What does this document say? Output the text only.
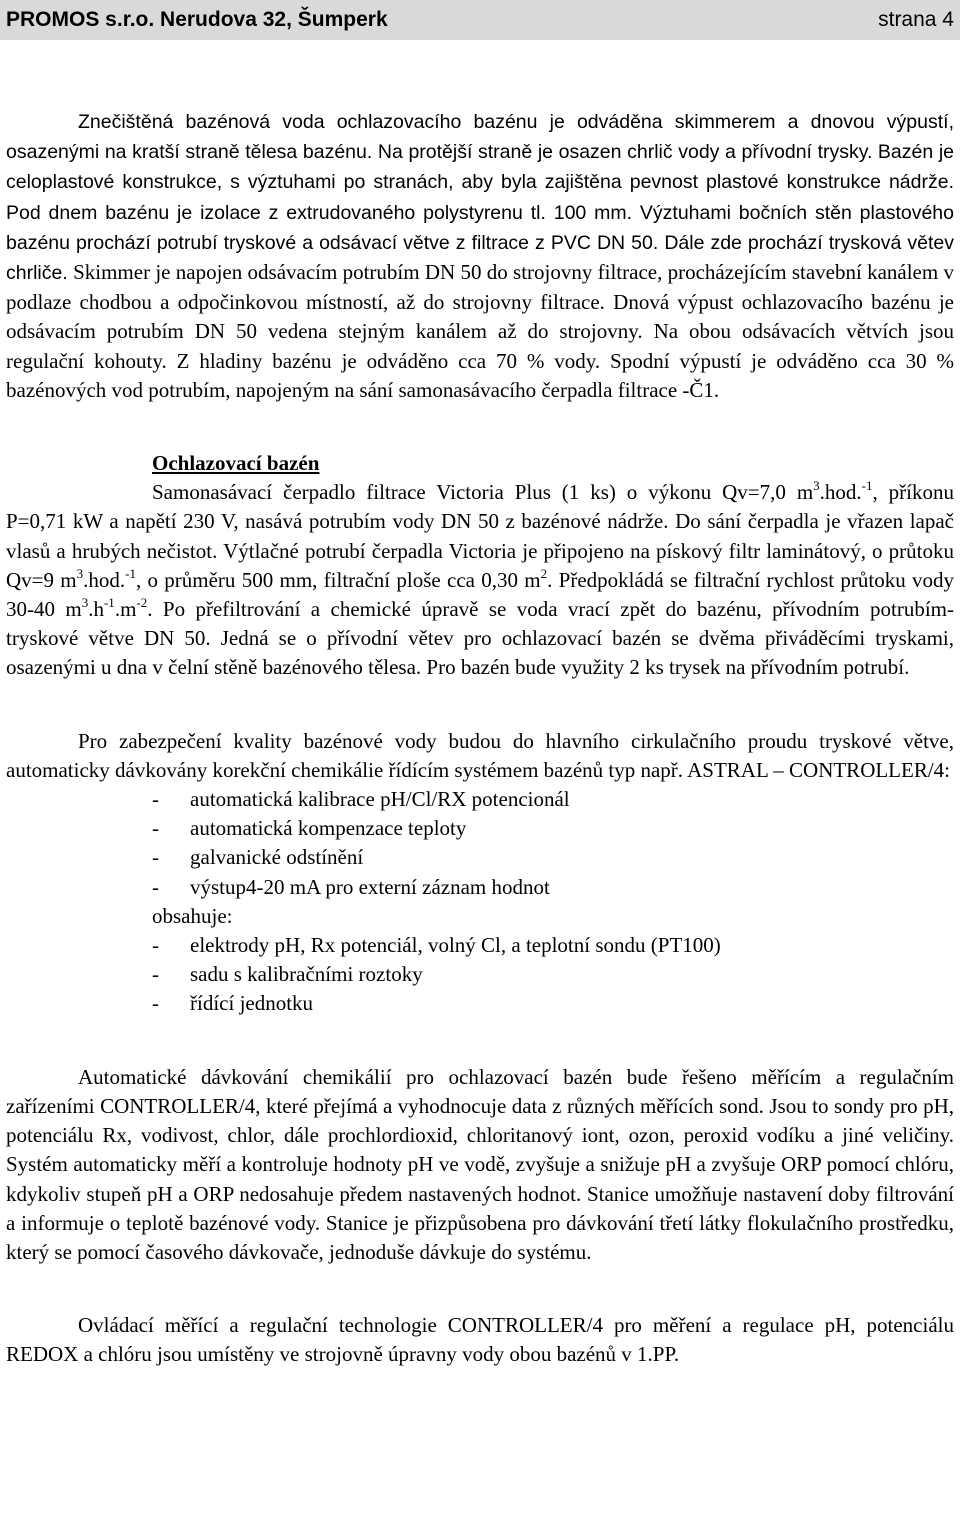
PROMOS s.r.o. Nerudova 32, Šumperk	strana 4

Znečištěná bazénová voda ochlazovacího bazénu je odváděna skimmerem a dnovou výpustí, osazenými na kratší straně tělesa bazénu. Na protější straně je osazen chrlič vody a přívodní trysky. Bazén je celoplastové konstrukce, s výztuhami po stranách, aby byla zajištěna pevnost plastové konstrukce nádrže. Pod dnem bazénu je izolace z extrudovaného polystyrenu tl. 100 mm. Výztuhami bočních stěn plastového bazénu prochází potrubí tryskové a odsávací větve z filtrace z PVC DN 50. Dále zde prochází trysková větev chrliče. Skimmer je napojen odsávacím potrubím DN 50 do strojovny filtrace, procházejícím stavební kanálem v podlaze chodbou a odpočinkovou místností, až do strojovny filtrace. Dnová výpust ochlazovacího bazénu je odsávacím potrubím DN 50 vedena stejným kanálem až do strojovny. Na obou odsávacích větvích jsou regulační kohouty. Z hladiny bazénu je odváděno cca 70 % vody. Spodní výpustí je odváděno cca 30 % bazénových vod potrubím, napojeným na sání samonasávacího čerpadla filtrace -Č1.

Ochlazovací bazén

Samonasávací čerpadlo filtrace Victoria Plus (1 ks) o výkonu Qv=7,0 $m^3.hod.^{-1}$, příkonu P=0,71 kW a napětí 230 V, nasává potrubím vody DN 50 z bazénové nádrže. Do sání čerpadla je vřazen lapač vlasů a hrubých nečistot. Výtlačné potrubí čerpadla Victoria je připojeno na pískový filtr laminátový, o průtoku Qv=9 $m^3.hod.^{-1}$, o průměru 500 mm, filtrační ploše cca 0,30 $m^2$. Předpokládá se filtrační rychlost průtoku vody 30-40 $m^3.h^{-1}.m^{-2}$. Po přefiltrování a chemické úpravě se voda vrací zpět do bazénu, přívodním potrubím-tryskové větve DN 50. Jedná se o přívodní větev pro ochlazovací bazén se dvěma přiváděcími tryskami, osazenými u dna v čelní stěně bazénového tělesa. Pro bazén bude využity 2 ks trysek na přívodním potrubí.

Pro zabezpečení kvality bazénové vody budou do hlavního cirkulačního proudu tryskové větve, automaticky dávkovány korekční chemikálie řídícím systémem bazénů typ např. ASTRAL – CONTROLLER/4:

-	automatická kalibrace pH/Cl/RX potencionál
-	automatická kompenzace teploty
-	galvanické odstínění
-	výstup4-20 mA pro externí záznam hodnot

obsahuje:

-	elektrody pH, Rx potenciál, volný Cl, a teplotní sondu (PT100)
-	sadu s kalibračními roztoky
-	řídící jednotku

Automatické dávkování chemikálií pro ochlazovací bazén bude řešeno měřícím a regulačním zařízeními CONTROLLER/4, které přejímá a vyhodnocuje data z různých měřících sond. Jsou to sondy pro pH, potenciálu Rx, vodivost, chlor, dále prochlordioxid, chloritanový iont, ozon, peroxid vodíku a jiné veličiny. Systém automaticky měří a kontroluje hodnoty pH ve vodě, zvyšuje a snižuje pH a zvyšuje ORP pomocí chlóru, kdykoliv stupeň pH a ORP nedosahuje předem nastavených hodnot. Stanice umožňuje nastavení doby filtrování a informuje o teplotě bazénové vody. Stanice je přizpůsobena pro dávkování třetí látky flokulačního prostředku, který se pomocí časového dávkovače, jednoduše dávkuje do systému.

Ovládací měřící a regulační technologie CONTROLLER/4 pro měření a regulace pH, potenciálu REDOX a chlóru jsou umístěny ve strojovně úpravny vody obou bazénů v 1.PP.
